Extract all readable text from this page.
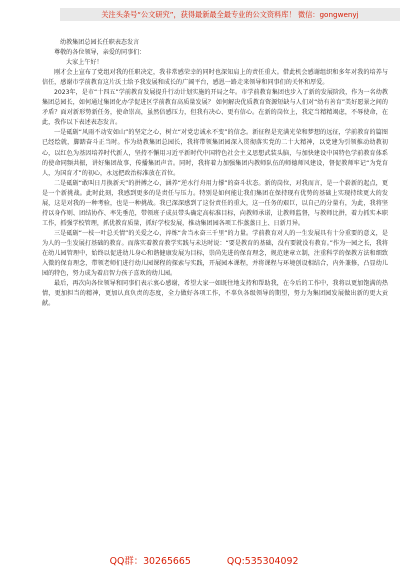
关注头条号“公文研究”，获得最新最全最专业的公文资料库！ 微信：gongwenyj

幼教集团总园长任职表态发言

尊敬的各位领导，亲爱的同事们：

大家上午好！

刚才会上宣布了党组对我的任职决定，我非常感荣幸的同时也深知肩上的责任重大。借此机会感谢组织和多年对我的培养与信任，感谢市学前教育这片沃土给予我发展和成长的广阔平台，感恩一路走来领导和同事们的关怀和厚爱。

2023年，是市“十四五”学前教育发展提升行动计划实施的开局之年。市学前教育集团也步入了新的发展阶段，作为一名幼教集团总园长，如何通过集团化办学促进区学前教育高质量发展？ 如何解决优质教育资源短缺与人们对“幼有善育”美好愿景之间的矛盾？面对新形势新任务，使命崇高，虽然倍感压力，但我有决心、更有信心。在新的岗位上，我定当精精竭虑，不辱使命，在此，我作以下表述表态发言。

一是砥砺“风雨不动安如山”的坚定之心，树立“对党忠诚永不变”的信念。新征程是充满光荣和梦想的远征，学前教育的篇图已经绘就，脚踏奋斗正当时。作为幼教集团总园长，我将带领集团园深入贯彻落实党的二十大精神，以党建为引领推动幼教初心，以红色为基因培养时代新人，坚持不懈用习近平新时代中国特色社会主义思想武装头脑，与加快建设中国特色学前教育体系的使命同频共振，讲好集团故事，传播集团声音。同时，我将着力加强集团内教师队伍的师德师风建设，督促教师牢记“为党育人，为国育才”的初心，永远把政治标准放在首位。

二是砥砺“敢叫日月换新天”的拼搏之心，涵养“逆水行舟用力撑”的奋斗状态。新的岗位，对我而言，是一个崭新的起点，更是一个新挑战。此时此刻，我感到更多的是责任与压力。特别是如何能让我们集团在保持现有优势的基础上实现持续更大的发展，这是对我的一种考验，也是一种挑战。我已深深感到了这份责任的重大，这一任务的艰巨，以自己的分量有，为此，我将坚持以身作则、团结协作、率先垂范，带领班子成员带头确定高标准目标，向教师承诺，让教师监督，与教师比拼，着力抓实本职工作，抓强学校管理，抓优教育质量，抓好学校发展，推动集团园各项工作蒸蒸日上、日新月异。

三是砥砺“一枝一叶总关情”的关爱之心，淬炼“舍当永奋三千里”的力量。学前教育对人的一生发展具有十分重要的意义，是为人的一生发展打基础的教育。而落实着教育教学实践与未达时说：“要是教育的基础，没有要就没有教育。”作为一园之长，我将在幼儿园管理中，始终以促进幼儿身心和谐健康发展为目标，崇尚先进的保育理念，规范建章立制，注重科学的保教方法和细致入微的保育理念，带领老师们进行幼儿园课程的探索与实践，开展园本课程，并将课程与环境创设相结合，内外兼修，凸显幼儿园的特色，努力成为着启智力孩子喜欢的幼儿园。

最后，再次向各位领导和同事们表示衷心感谢，希望大家一如既往地支持和帮助我，在今后的工作中，我将以更加饱满的热情，更加担当的精神，更加认真负责的态度，全力做好各项工作，不辜负各级领导的期望，努力为集团园发展做出新的更大贡献。

QQ群：30265665	QQ:535304092
